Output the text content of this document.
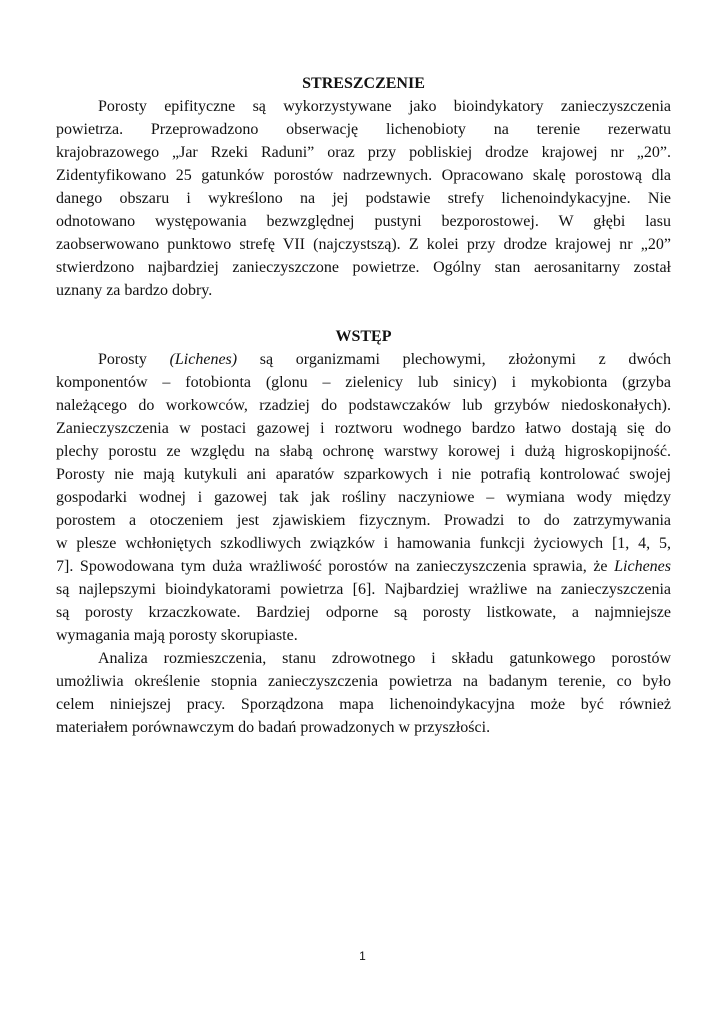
STRESZCZENIE
Porosty epifityczne są wykorzystywane jako bioindykatory zanieczyszczenia
powietrza. Przeprowadzono obserwację lichenobioty na terenie rezerwatu
krajobrazowego „Jar Rzeki Raduni” oraz przy pobliskiej drodze krajowej nr „20”.
Zidentyfikowano 25 gatunków porostów nadrzewnych. Opracowano skalę porostową dla
danego obszaru i wykreślono na jej podstawie strefy lichenoindykacyjne. Nie
odnotowano występowania bezwzględnej pustyni bezporostowej. W głębi lasu
zaobserwowano punktowo strefę VII (najczystszą). Z kolei przy drodze krajowej nr „20”
stwierdzono najbardziej zanieczyszczone powietrze. Ogólny stan aerosanitarny został
uznany za bardzo dobry.
WSTĘP
Porosty (Lichenes) są organizmami plechowymi, złożonymi z dwóch
komponentów – fotobionta (glonu – zielenicy lub sinicy) i mykobionta (grzyba
należącego do workowców, rzadziej do podstawczaków lub grzybów niedoskonałych).
Zanieczyszczenia w postaci gazowej i roztworu wodnego bardzo łatwo dostają się do
plechy porostu ze względu na słabą ochronę warstwy korowej i dużą higroskopijność.
Porosty nie mają kutykuli ani aparatów szparkowych i nie potrafią kontrolować swojej
gospodarki wodnej i gazowej tak jak rośliny naczyniowe – wymiana wody między
porostem a otoczeniem jest zjawiskiem fizycznym. Prowadzi to do zatrzymywania
w plesze wchłoniętych szkodliwych związków i hamowania funkcji życiowych [1, 4, 5,
7]. Spowodowana tym duża wrażliwość porostów na zanieczyszczenia sprawia, że Lichenes
są najlepszymi bioindykatorami powietrza [6]. Najbardziej wrażliwe na zanieczyszczenia
są porosty krzaczkowate. Bardziej odporne są porosty listkowate, a najmniejsze
wymagania mają porosty skorupiaste.
Analiza rozmieszczenia, stanu zdrowotnego i składu gatunkowego porostów
umożliwia określenie stopnia zanieczyszczenia powietrza na badanym terenie, co było
celem niniejszej pracy. Sporządzona mapa lichenoindykacyjna może być również
materiałem porównawczym do badań prowadzonych w przyszłości.
1
